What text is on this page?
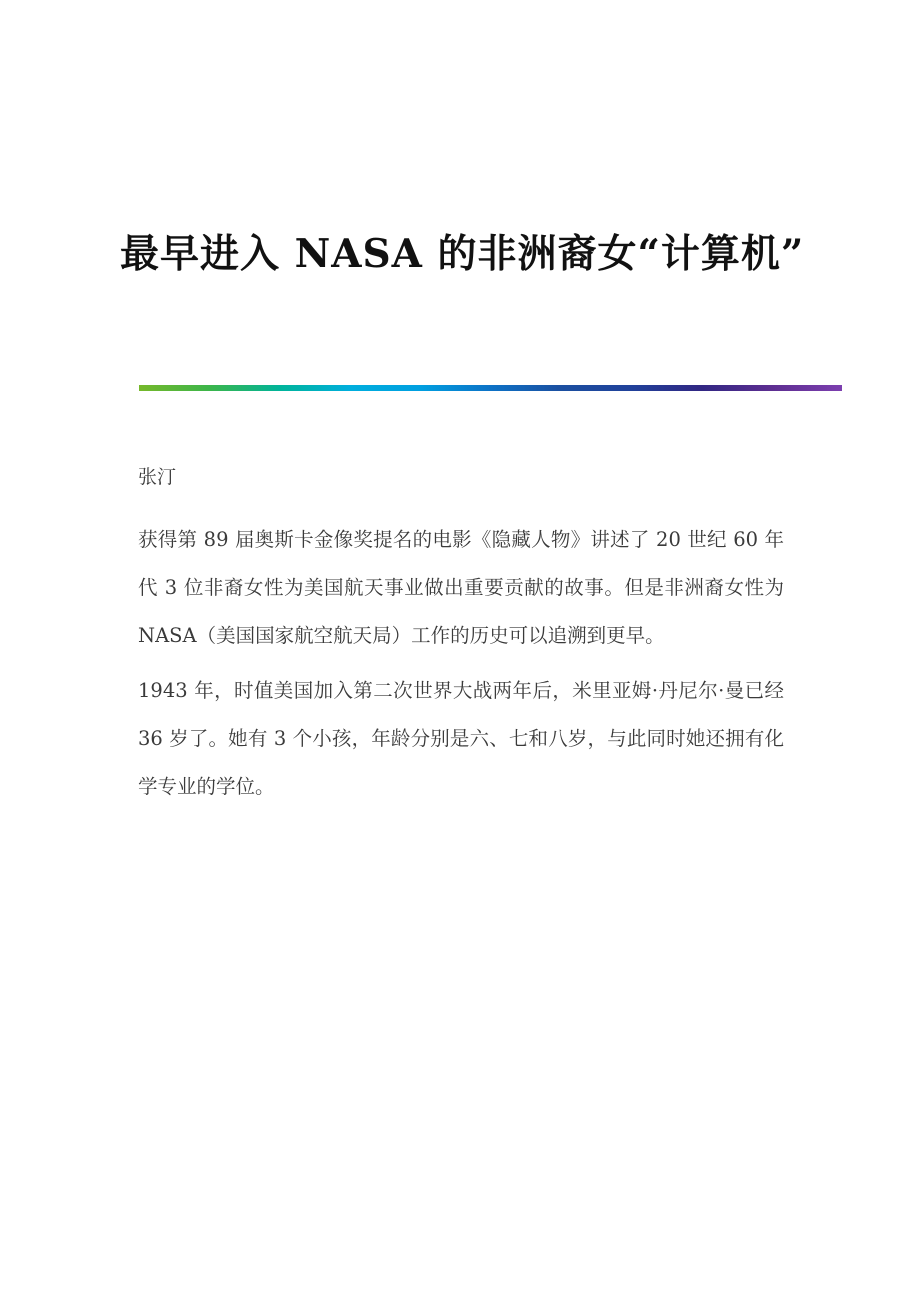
最早进入 NASA 的非洲裔女“计算机”
张汀

获得第 89 届奥斯卡金像奖提名的电影《隐藏人物》讲述了 20 世纪 60 年代 3 位非裔女性为美国航天事业做出重要贡献的故事。但是非洲裔女性为 NASA（美国国家航空航天局）工作的历史可以追溯到更早。

1943 年，时值美国加入第二次世界大战两年后，米里亚姆·丹尼尔·曼已经 36 岁了。她有 3 个小孩，年龄分别是六、七和八岁，与此同时她还拥有化学专业的学位。
